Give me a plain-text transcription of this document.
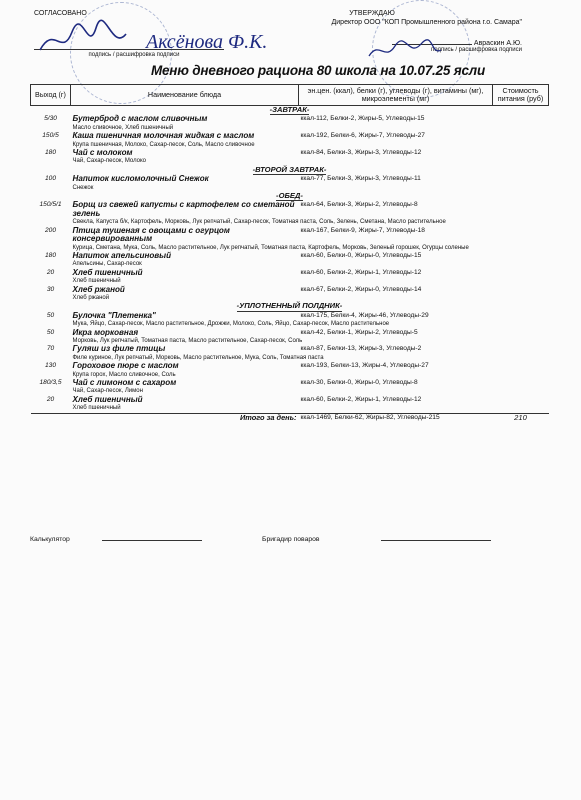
СОГЛАСОВАНО
подпись / расшифровка подписи
Аксёнова Ф.К.
УТВЕРЖДАЮ
Директор ООО "КОП Промышленного района г.о. Самара"
Авраскин А.Ю.
подпись / расшифровка подписи
Меню дневного рациона 80 школа на 10.07.25 ясли
Выход (г)	Наименование блюда	эн.цен. (ккал), белки (г), углеводы (г), витамины (мг), микроэлементы (мг)	Стоимость питания (руб)
-ЗАВТРАК-			
5/30	Бутерброд с маслом сливочным	ккал-112, Белки-2, Жиры-5, Углеводы-15	
	Масло сливочное, Хлеб пшеничный		
150/5	Каша пшеничная молочная жидкая с маслом	ккал-192, Белки-6, Жиры-7, Углеводы-27	
	Крупа пшеничная, Молоко, Сахар-песок, Соль, Масло сливочное		
180	Чай с молоком	ккал-84, Белки-3, Жиры-3, Углеводы-12	
	Чай, Сахар-песок, Молоко		
-ВТОРОЙ ЗАВТРАК-			
100	Напиток кисломолочный Снежок	ккал-77, Белки-3, Жиры-3, Углеводы-11	
	Снежок		
-ОБЕД-			
150/5/1	Борщ из свежей капусты с картофелем со сметаной зелень	ккал-64, Белки-3, Жиры-2, Углеводы-8	
	Свекла, Капуста б/к, Картофель, Морковь, Лук репчатый, Сахар-песок, Томатная паста, Соль, Зелень, Сметана, Масло растительное		
200	Птица тушеная с овощами с огурцом консервированным	ккал-167, Белки-9, Жиры-7, Углеводы-18	
	Курица, Сметана, Мука, Соль, Масло растительное, Лук репчатый, Томатная паста, Картофель, Морковь, Зеленый горошек, Огурцы соленые		
180	Напиток апельсиновый	ккал-60, Белки-0, Жиры-0, Углеводы-15	
	Апельсины, Сахар-песок		
20	Хлеб пшеничный	ккал-60, Белки-2, Жиры-1, Углеводы-12	
	Хлеб пшеничный		
30	Хлеб ржаной	ккал-67, Белки-2, Жиры-0, Углеводы-14	
	Хлеб ржаной		
-УПЛОТНЕННЫЙ ПОЛДНИК-			
50	Булочка "Плетенка"	ккал-175, Белки-4, Жиры-46, Углеводы-29	
	Мука, Яйцо, Сахар-песок, Масло растительное, Дрожжи, Молоко, Соль, Яйцо, Сахар-песок, Масло растительное		
50	Икра морковная	ккал-42, Белки-1, Жиры-2, Углеводы-5	
	Морковь, Лук репчатый, Томатная паста, Масло растительное, Сахар-песок, Соль		
70	Гуляш из филе птицы	ккал-87, Белки-13, Жиры-3, Углеводы-2	
	Филе куриное, Лук репчатый, Морковь, Масло растительное, Мука, Соль, Томатная паста		
130	Гороховое пюре с маслом	ккал-193, Белки-13, Жиры-4, Углеводы-27	
	Крупа горох, Масло сливочное, Соль		
180/3,5	Чай с лимоном с сахаром	ккал-30, Белки-0, Жиры-0, Углеводы-8	
	Чай, Сахар-песок, Лимон		
20	Хлеб пшеничный	ккал-60, Белки-2, Жиры-1, Углеводы-12	
	Хлеб пшеничный		
	Итого за день:	ккал-1469, Белки-62, Жиры-82, Углеводы-215	210
Калькулятор	Бригадир поваров
